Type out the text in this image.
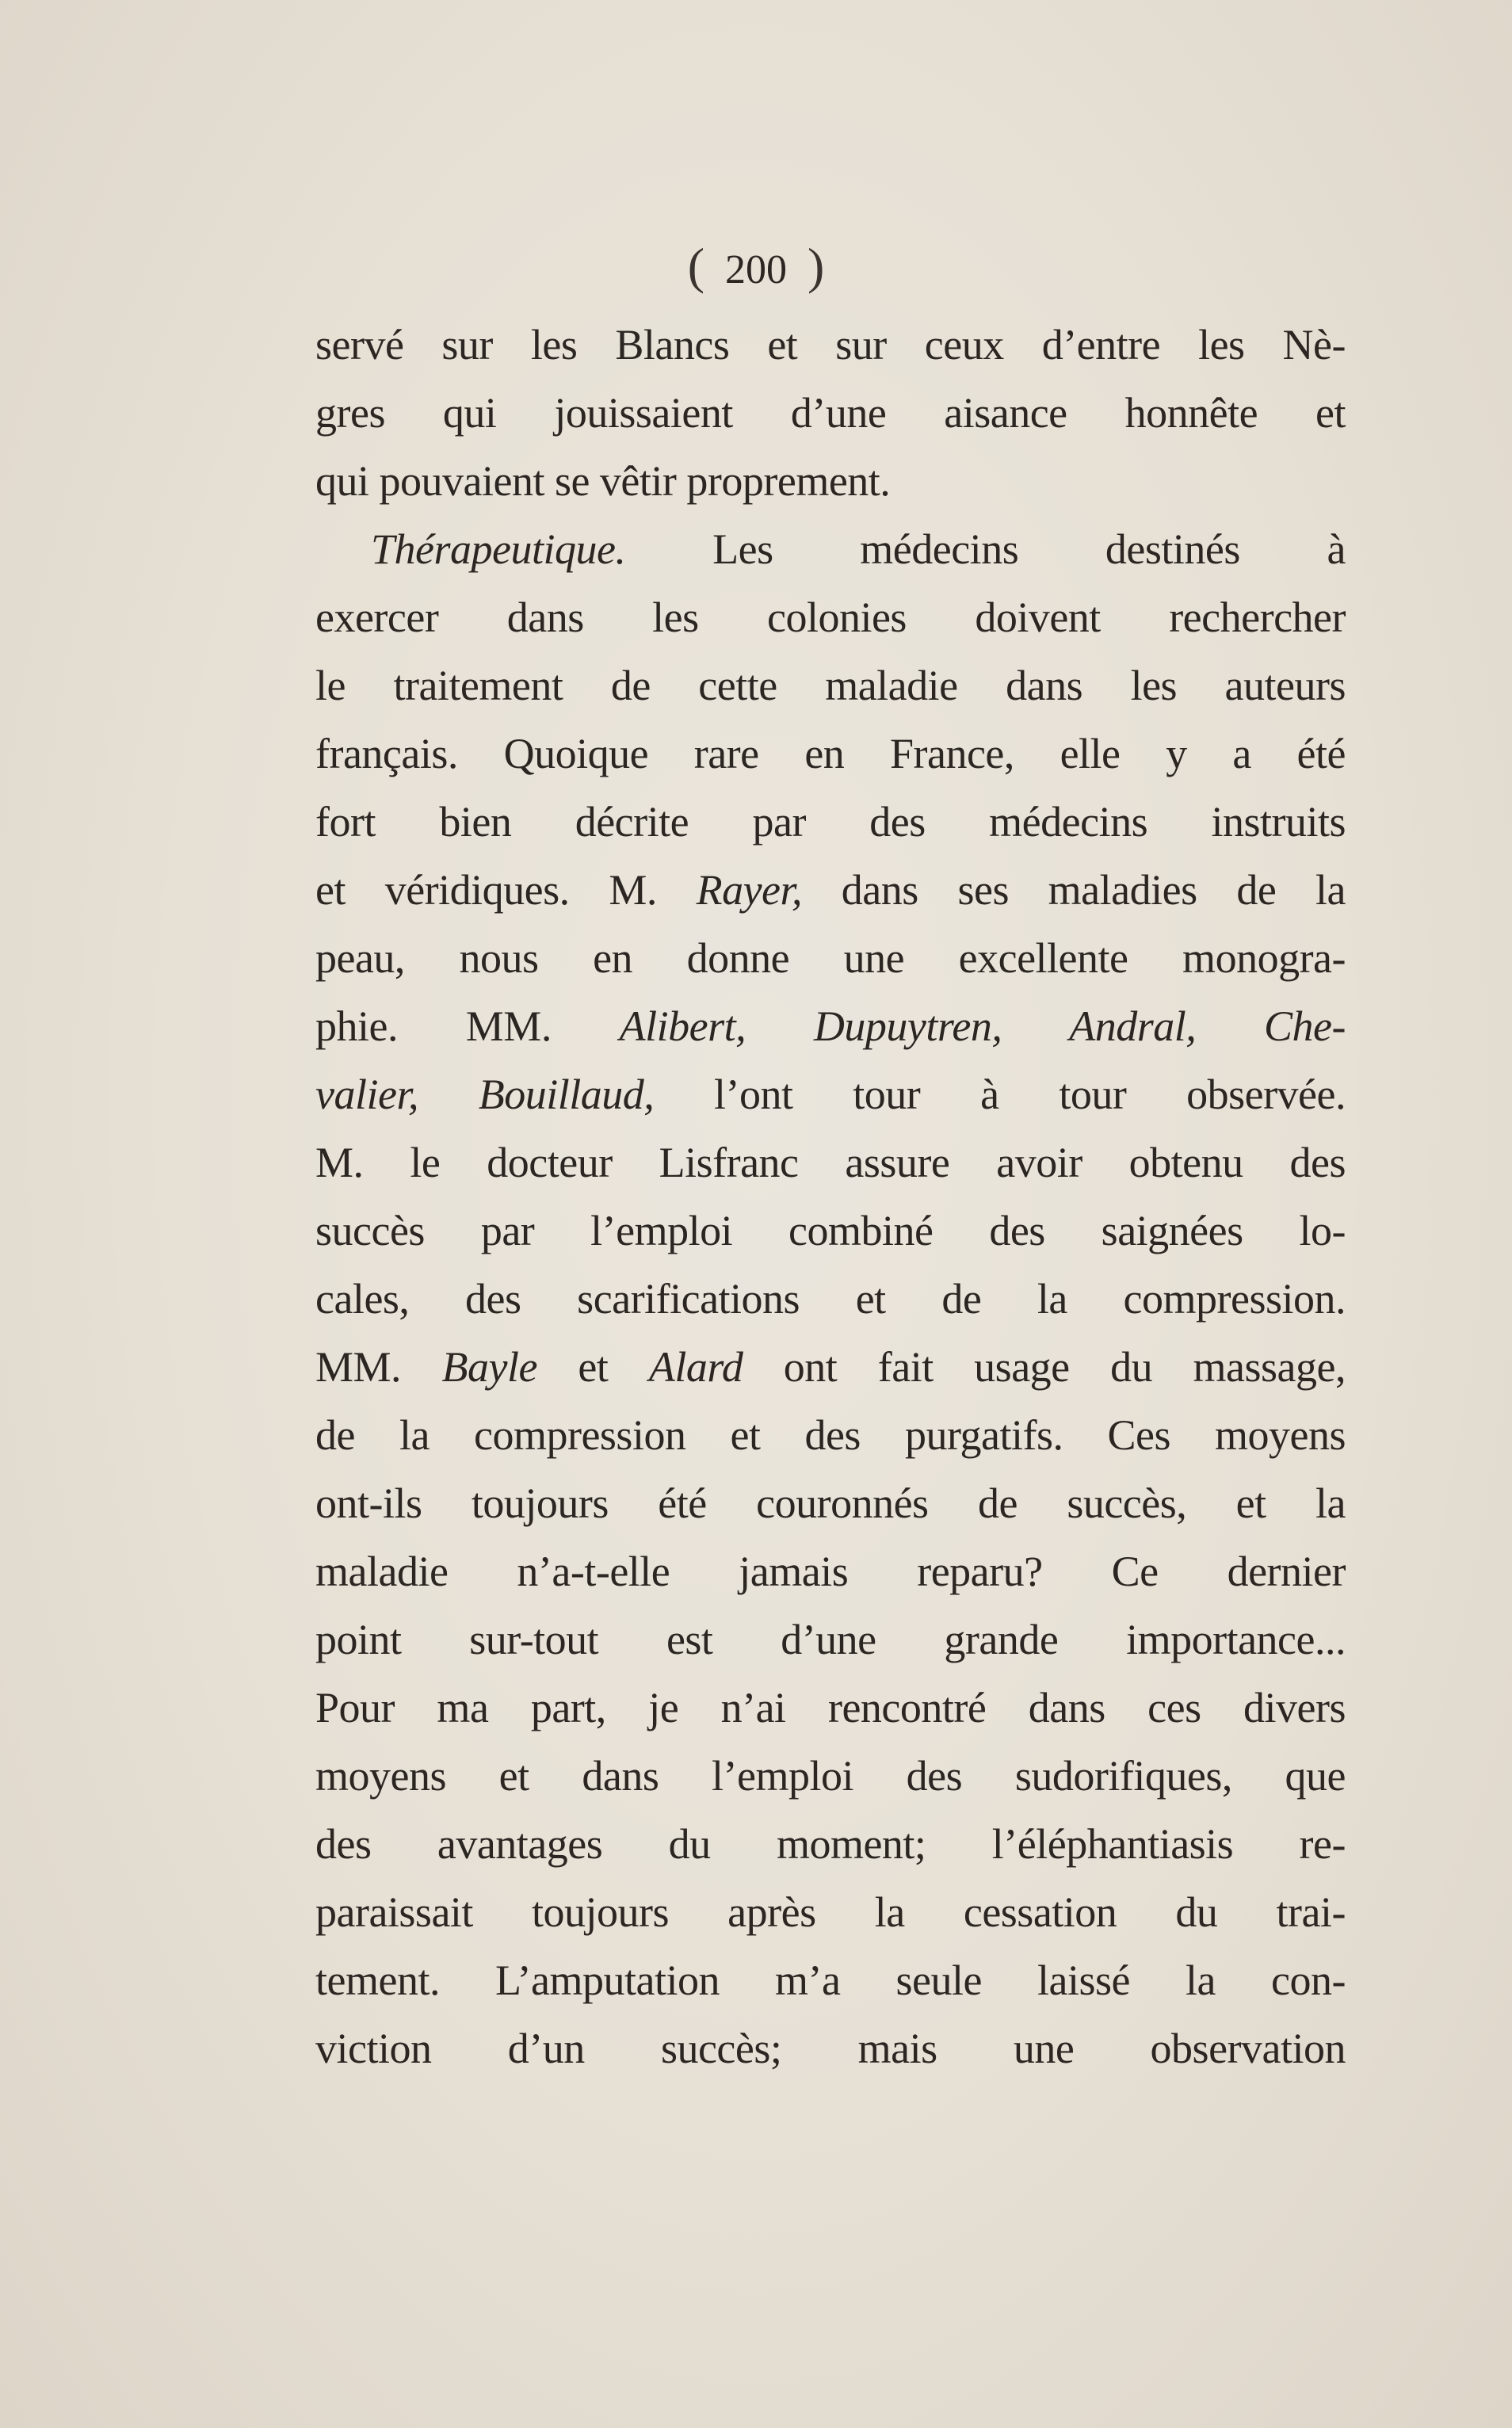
( 200 )
servé sur les Blancs et sur ceux d’entre les Nè-
gres qui jouissaient d’une aisance honnête et
qui pouvaient se vêtir proprement.
Thérapeutique. Les médecins destinés à
exercer dans les colonies doivent rechercher
le traitement de cette maladie dans les auteurs
français. Quoique rare en France, elle y a été
fort bien décrite par des médecins instruits
et véridiques. M. Rayer, dans ses maladies de la
peau, nous en donne une excellente monogra-
phie. MM. Alibert, Dupuytren, Andral, Che-
valier, Bouillaud, l’ont tour à tour observée.
M. le docteur Lisfranc assure avoir obtenu des
succès par l’emploi combiné des saignées lo-
cales, des scarifications et de la compression.
MM. Bayle et Alard ont fait usage du massage,
de la compression et des purgatifs. Ces moyens
ont-ils toujours été couronnés de succès, et la
maladie n’a-t-elle jamais reparu? Ce dernier
point sur-tout est d’une grande importance...
Pour ma part, je n’ai rencontré dans ces divers
moyens et dans l’emploi des sudorifiques, que
des avantages du moment; l’éléphantiasis re-
paraissait toujours après la cessation du trai-
tement. L’amputation m’a seule laissé la con-
viction d’un succès; mais une observation
